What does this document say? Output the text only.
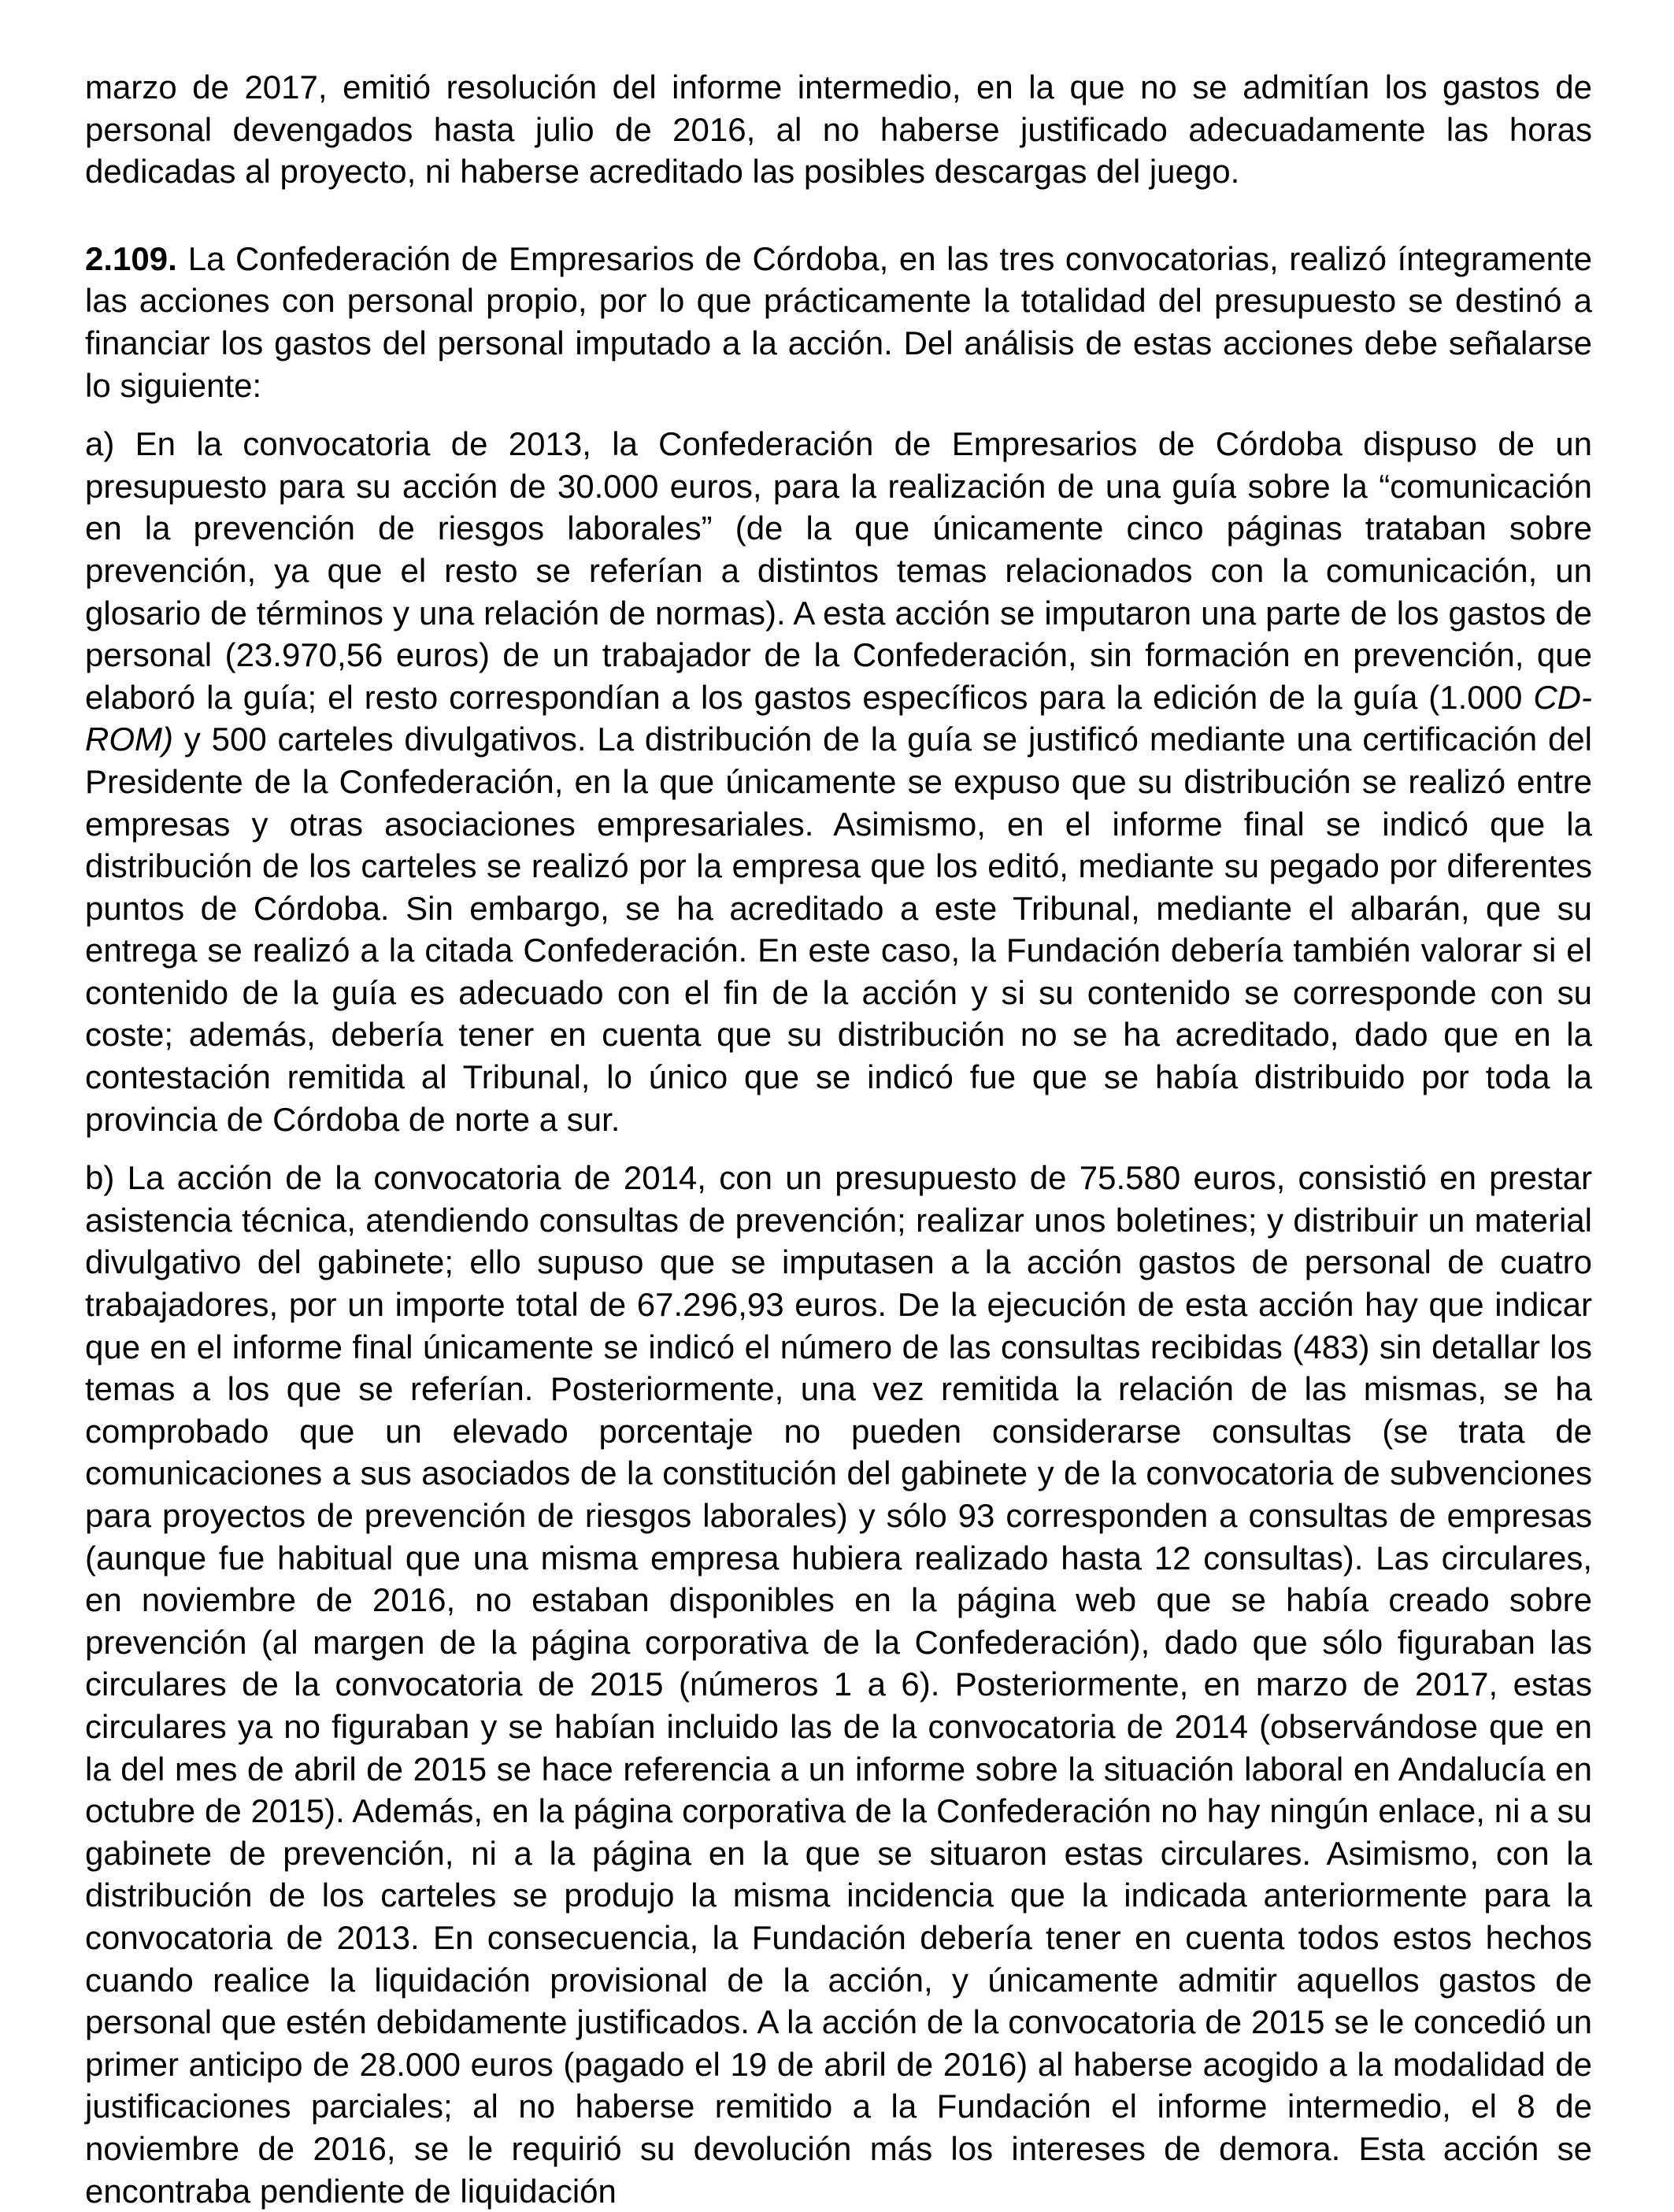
marzo de 2017, emitió resolución del informe intermedio, en la que no se admitían los gastos de personal devengados hasta julio de 2016, al no haberse justificado adecuadamente las horas dedicadas al proyecto, ni haberse acreditado las posibles descargas del juego.

2.109. La Confederación de Empresarios de Córdoba, en las tres convocatorias, realizó íntegramente las acciones con personal propio, por lo que prácticamente la totalidad del presupuesto se destinó a financiar los gastos del personal imputado a la acción. Del análisis de estas acciones debe señalarse lo siguiente:

a) En la convocatoria de 2013, la Confederación de Empresarios de Córdoba dispuso de un presupuesto para su acción de 30.000 euros, para la realización de una guía sobre la “comunicación en la prevención de riesgos laborales” (de la que únicamente cinco páginas trataban sobre prevención, ya que el resto se referían a distintos temas relacionados con la comunicación, un glosario de términos y una relación de normas). A esta acción se imputaron una parte de los gastos de personal (23.970,56 euros) de un trabajador de la Confederación, sin formación en prevención, que elaboró la guía; el resto correspondían a los gastos específicos para la edición de la guía (1.000 CD-ROM) y 500 carteles divulgativos. La distribución de la guía se justificó mediante una certificación del Presidente de la Confederación, en la que únicamente se expuso que su distribución se realizó entre empresas y otras asociaciones empresariales. Asimismo, en el informe final se indicó que la distribución de los carteles se realizó por la empresa que los editó, mediante su pegado por diferentes puntos de Córdoba. Sin embargo, se ha acreditado a este Tribunal, mediante el albarán, que su entrega se realizó a la citada Confederación. En este caso, la Fundación debería también valorar si el contenido de la guía es adecuado con el fin de la acción y si su contenido se corresponde con su coste; además, debería tener en cuenta que su distribución no se ha acreditado, dado que en la contestación remitida al Tribunal, lo único que se indicó fue que se había distribuido por toda la provincia de Córdoba de norte a sur.

b) La acción de la convocatoria de 2014, con un presupuesto de 75.580 euros, consistió en prestar asistencia técnica, atendiendo consultas de prevención; realizar unos boletines; y distribuir un material divulgativo del gabinete; ello supuso que se imputasen a la acción gastos de personal de cuatro trabajadores, por un importe total de 67.296,93 euros. De la ejecución de esta acción hay que indicar que en el informe final únicamente se indicó el número de las consultas recibidas (483) sin detallar los temas a los que se referían. Posteriormente, una vez remitida la relación de las mismas, se ha comprobado que un elevado porcentaje no pueden considerarse consultas (se trata de comunicaciones a sus asociados de la constitución del gabinete y de la convocatoria de subvenciones para proyectos de prevención de riesgos laborales) y sólo 93 corresponden a consultas de empresas (aunque fue habitual que una misma empresa hubiera realizado hasta 12 consultas). Las circulares, en noviembre de 2016, no estaban disponibles en la página web que se había creado sobre prevención (al margen de la página corporativa de la Confederación), dado que sólo figuraban las circulares de la convocatoria de 2015 (números 1 a 6). Posteriormente, en marzo de 2017, estas circulares ya no figuraban y se habían incluido las de la convocatoria de 2014 (observándose que en la del mes de abril de 2015 se hace referencia a un informe sobre la situación laboral en Andalucía en octubre de 2015). Además, en la página corporativa de la Confederación no hay ningún enlace, ni a su gabinete de prevención, ni a la página en la que se situaron estas circulares. Asimismo, con la distribución de los carteles se produjo la misma incidencia que la indicada anteriormente para la convocatoria de 2013. En consecuencia, la Fundación debería tener en cuenta todos estos hechos cuando realice la liquidación provisional de la acción, y únicamente admitir aquellos gastos de personal que estén debidamente justificados. A la acción de la convocatoria de 2015 se le concedió un primer anticipo de 28.000 euros (pagado el 19 de abril de 2016) al haberse acogido a la modalidad de justificaciones parciales; al no haberse remitido a la Fundación el informe intermedio, el 8 de noviembre de 2016, se le requirió su devolución más los intereses de demora. Esta acción se encontraba pendiente de liquidación
